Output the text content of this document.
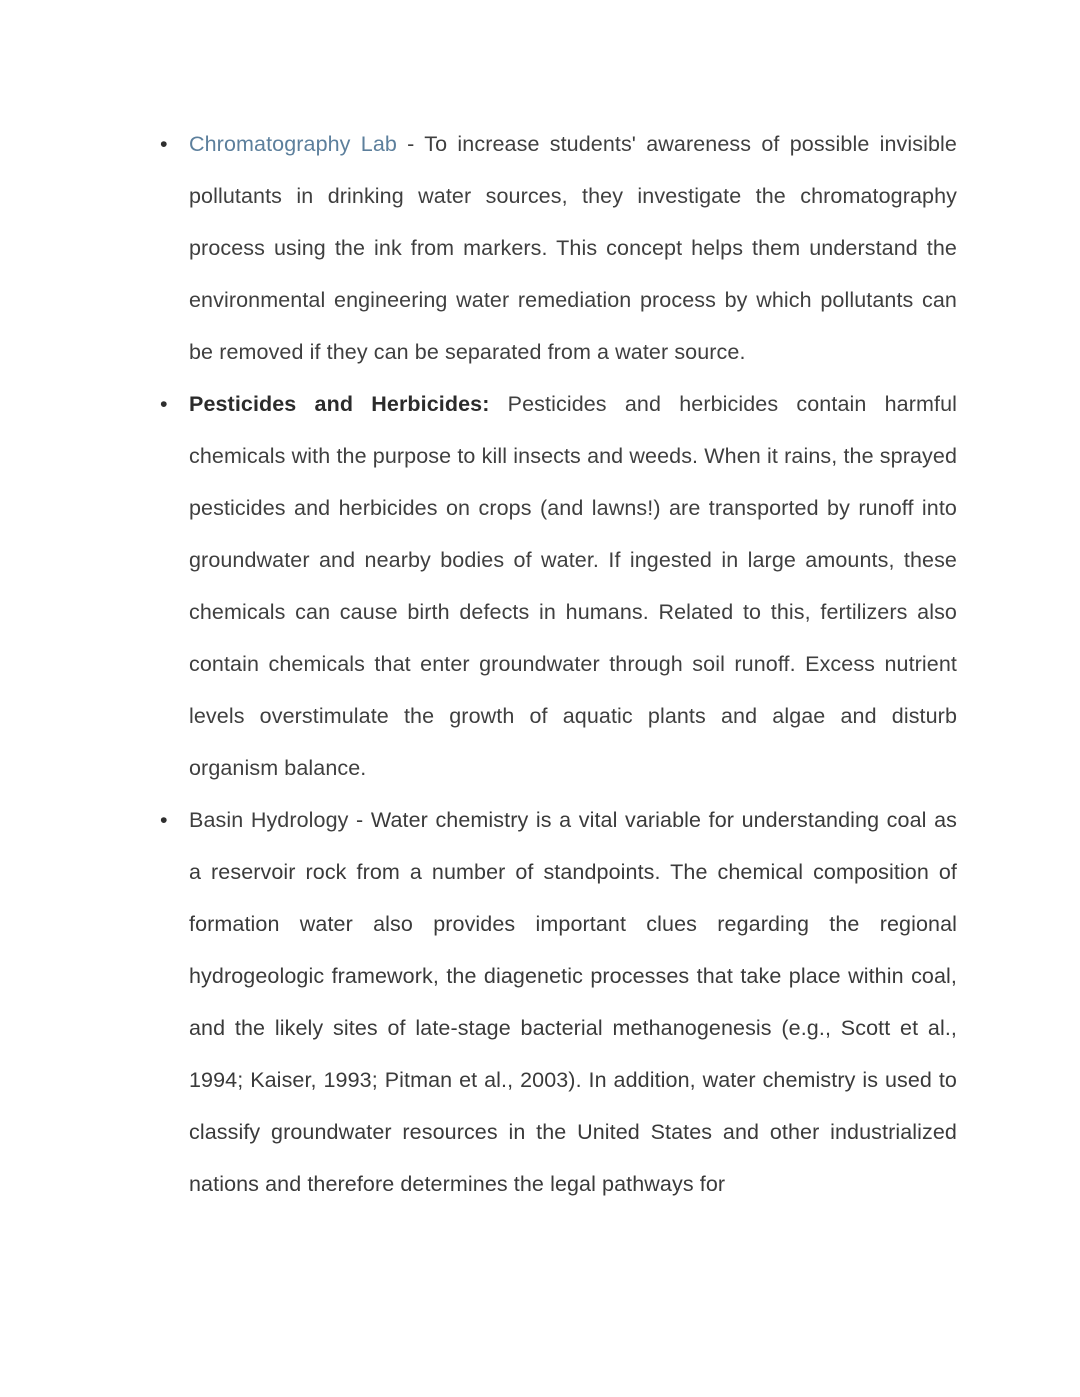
• Chromatography Lab - To increase students' awareness of possible invisible pollutants in drinking water sources, they investigate the chromatography process using the ink from markers. This concept helps them understand the environmental engineering water remediation process by which pollutants can be removed if they can be separated from a water source.
• Pesticides and Herbicides: Pesticides and herbicides contain harmful chemicals with the purpose to kill insects and weeds. When it rains, the sprayed pesticides and herbicides on crops (and lawns!) are transported by runoff into groundwater and nearby bodies of water. If ingested in large amounts, these chemicals can cause birth defects in humans. Related to this, fertilizers also contain chemicals that enter groundwater through soil runoff. Excess nutrient levels overstimulate the growth of aquatic plants and algae and disturb organism balance.
• Basin Hydrology - Water chemistry is a vital variable for understanding coal as a reservoir rock from a number of standpoints. The chemical composition of formation water also provides important clues regarding the regional hydrogeologic framework, the diagenetic processes that take place within coal, and the likely sites of late-stage bacterial methanogenesis (e.g., Scott et al., 1994; Kaiser, 1993; Pitman et al., 2003). In addition, water chemistry is used to classify groundwater resources in the United States and other industrialized nations and therefore determines the legal pathways for
